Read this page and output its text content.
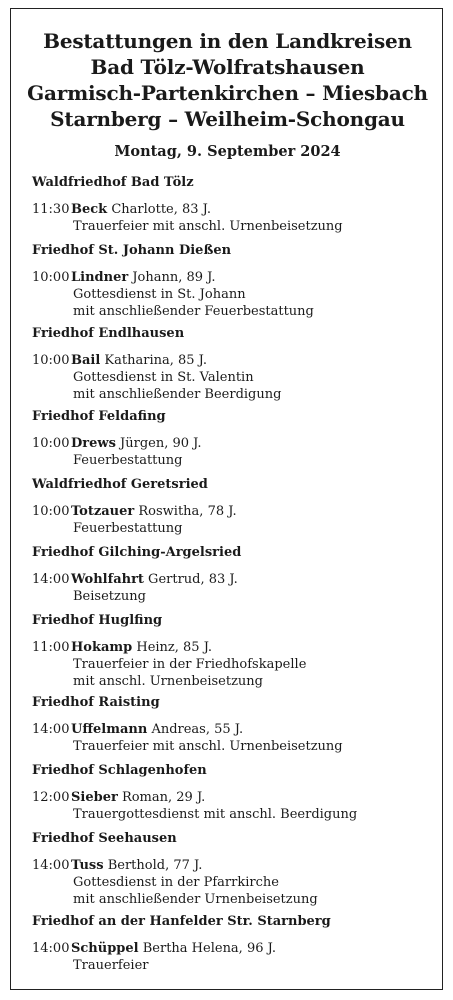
Bestattungen in den Landkreisen
Bad Tölz-Wolfratshausen
Garmisch-Partenkirchen – Miesbach
Starnberg – Weilheim-Schongau
Montag, 9. September 2024
Waldfriedhof Bad Tölz
11:30 Beck Charlotte, 83 J.
Trauerfeier mit anschl. Urnenbeisetzung
Friedhof St. Johann Dießen
10:00 Lindner Johann, 89 J.
Gottesdienst in St. Johann
mit anschließender Feuerbestattung
Friedhof Endlhausen
10:00 Bail Katharina, 85 J.
Gottesdienst in St. Valentin
mit anschließender Beerdigung
Friedhof Feldafing
10:00 Drews Jürgen, 90 J.
Feuerbestattung
Waldfriedhof Geretsried
10:00 Totzauer Roswitha, 78 J.
Feuerbestattung
Friedhof Gilching-Argelsried
14:00 Wohlfahrt Gertrud, 83 J.
Beisetzung
Friedhof Huglfing
11:00 Hokamp Heinz, 85 J.
Trauerfeier in der Friedhofskapelle
mit anschl. Urnenbeisetzung
Friedhof Raisting
14:00 Uffelmann Andreas, 55 J.
Trauerfeier mit anschl. Urnenbeisetzung
Friedhof Schlagenhofen
12:00 Sieber Roman, 29 J.
Trauergottesdienst mit anschl. Beerdigung
Friedhof Seehausen
14:00 Tuss Berthold, 77 J.
Gottesdienst in der Pfarrkirche
mit anschließender Urnenbeisetzung
Friedhof an der Hanfelder Str. Starnberg
14:00 Schüppel Bertha Helena, 96 J.
Trauerfeier
